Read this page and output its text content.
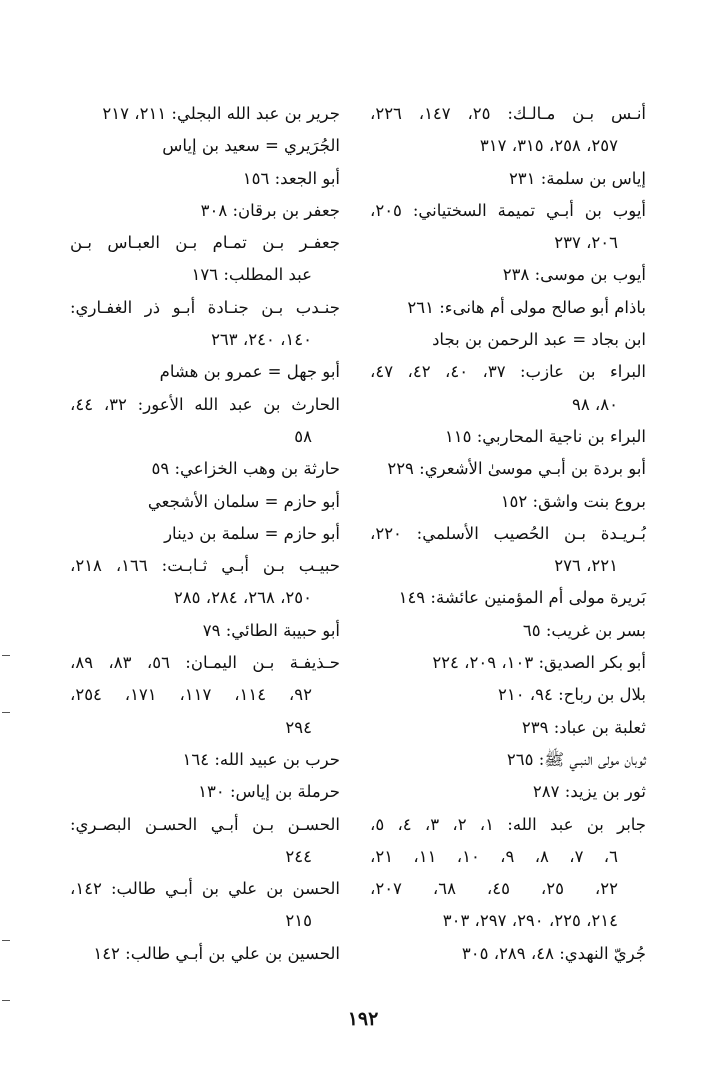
أنـس بـن مـالـك: ٢٥، ١٤٧، ٢٢٦،
٢٥٧، ٢٥٨، ٣١٥، ٣١٧
إياس بن سلمة: ٢٣١
أيوب بن أبـي تميمة السختياني: ٢٠٥،
٢٠٦، ٢٣٧
أيوب بن موسى: ٢٣٨
باذام أبو صالح مولى أم هانىء: ٢٦١
ابن بجاد = عبد الرحمن بن بجاد
البراء بن عازب: ٣٧، ٤٠، ٤٢، ٤٧،
٨٠، ٩٨
البراء بن ناجية المحاربي: ١١٥
أبو بردة بن أبـي موسىٰ الأشعري: ٢٢٩
بروع بنت واشق: ١٥٢
بُـريـدة بـن الحُصيب الأسلمي: ٢٢٠،
٢٢١، ٢٧٦
بَريرة مولى أم المؤمنين عائشة: ١٤٩
بسر بن غريب: ٦٥
أبو بكر الصديق: ١٠٣، ٢٠٩، ٢٢٤
بلال بن رباح: ٩٤، ٢١٠
ثعلبة بن عباد: ٢٣٩
ثوبان مولى النبـي ﷺ: ٢٦٥
ثور بن يزيد: ٢٨٧
جابر بن عبد الله: ١، ٢، ٣، ٤، ٥،
٦، ٧، ٨، ٩، ١٠، ١١، ٢١،
٢٢، ٢٥، ٤٥، ٦٨، ٢٠٧،
٢١٤، ٢٢٥، ٢٩٠، ٢٩٧، ٣٠٣
جُريّ النهدي: ٤٨، ٢٨٩، ٣٠٥
جرير بن عبد الله البجلي: ٢١١، ٢١٧
الجُرَيري = سعيد بن إياس
أبو الجعد: ١٥٦
جعفر بن برقان: ٣٠٨
جعفـر بـن تمـام بـن العبـاس بـن
عبد المطلب: ١٧٦
جنـدب بـن جنـادة أبـو ذر الغفـاري:
١٤٠، ٢٤٠، ٢٦٣
أبو جهل = عمرو بن هشام
الحارث بن عبد الله الأعور: ٣٢، ٤٤،
٥٨
حارثة بن وهب الخزاعي: ٥٩
أبو حازم = سلمان الأشجعي
أبو حازم = سلمة بن دينار
حبيـب بـن أبـي ثـابـت: ١٦٦، ٢١٨،
٢٥٠، ٢٦٨، ٢٨٤، ٢٨٥
أبو حبيبة الطائي: ٧٩
حـذيفـة بـن اليمـان: ٥٦، ٨٣، ٨٩،
٩٢، ١١٤، ١١٧، ١٧١، ٢٥٤،
٢٩٤
حرب بن عبيد الله: ١٦٤
حرملة بن إياس: ١٣٠
الحسـن بـن أبـي الحسـن البصـري:
٢٤٤
الحسن بن علي بن أبـي طالب: ١٤٢،
٢١٥
الحسين بن علي بن أبـي طالب: ١٤٢
١٩٢
